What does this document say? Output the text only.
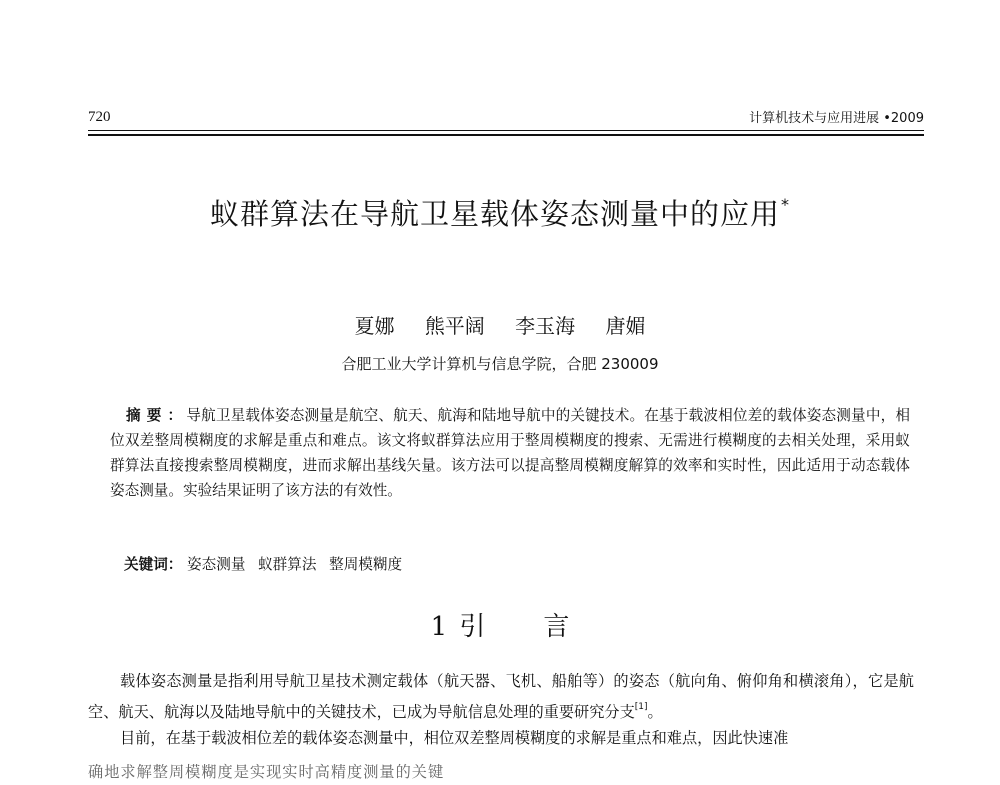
720	计算机技术与应用进展 •2009
蚁群算法在导航卫星载体姿态测量中的应用*
夏娜 熊平阔 李玉海 唐媚
合肥工业大学计算机与信息学院，合肥 230009
摘要： 导航卫星载体姿态测量是航空、航天、航海和陆地导航中的关键技术。在基于载波相位差的载体姿态测量中，相位双差整周模糊度的求解是重点和难点。该文将蚁群算法应用于整周模糊度的搜索、无需进行模糊度的去相关处理，采用蚁群算法直接搜索整周模糊度，进而求解出基线矢量。该方法可以提高整周模糊度解算的效率和实时性，因此适用于动态载体姿态测量。实验结果证明了该方法的有效性。
关键词： 姿态测量 蚁群算法 整周模糊度
1 引言

载体姿态测量是指利用导航卫星技术测定载体（航天器、飞机、船舶等）的姿态（航向角、俯仰角和横滚角），它是航空、航天、航海以及陆地导航中的关键技术，已成为导航信息处理的重要研究分支[1]。

目前，在基于载波相位差的载体姿态测量中，相位双差整周模糊度的求解是重点和难点，因此快速准

确地求解整周模糊度是实现实时高精度测量的关键
